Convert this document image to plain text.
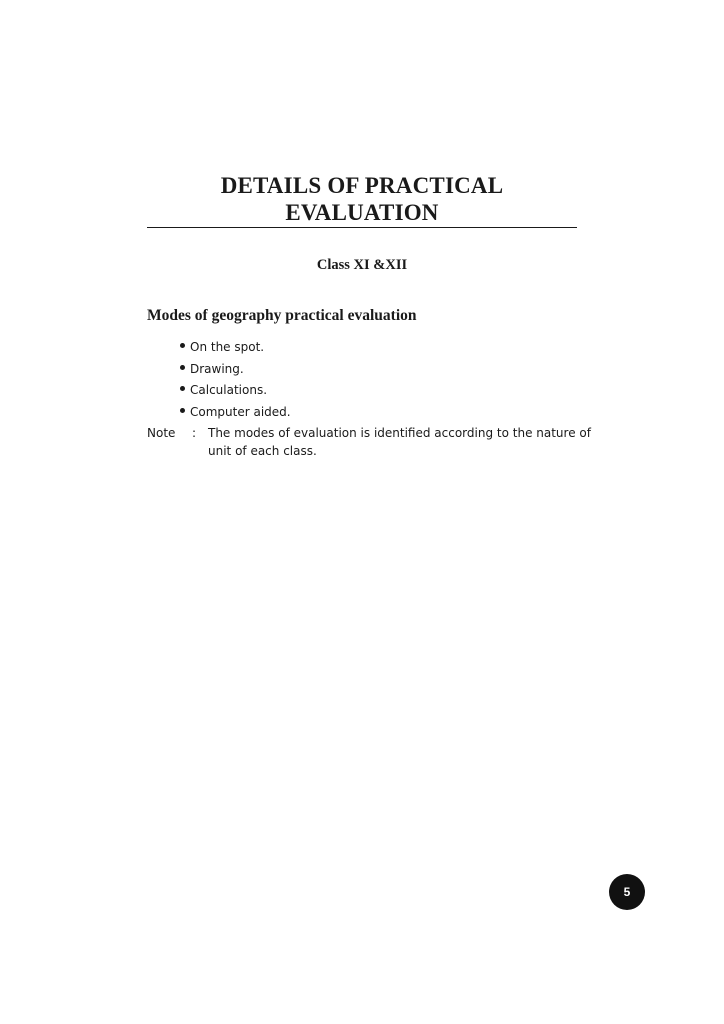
DETAILS OF PRACTICAL
EVALUATION
Class XI &XII
Modes of geography practical evaluation
On the spot.
Drawing.
Calculations.
Computer aided.
Note : The modes of evaluation is identified according to the nature of
unit of each class.
5
